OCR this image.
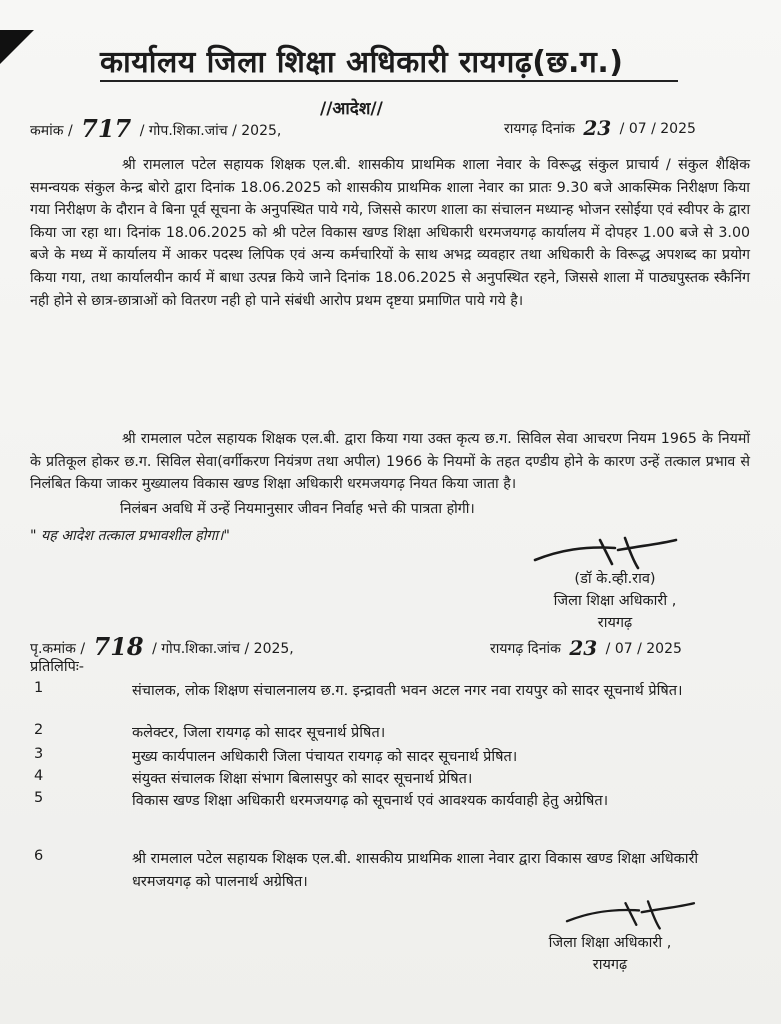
कार्यालय जिला शिक्षा अधिकारी रायगढ़(छ.ग.)
//आदेश//
कमांक / 717 / गोप.शिका.जांच / 2025,	रायगढ़ दिनांक 23 / 07 / 2025
श्री रामलाल पटेल सहायक शिक्षक एल.बी. शासकीय प्राथमिक शाला नेवार के विरूद्ध संकुल प्राचार्य / संकुल शैक्षिक समन्वयक संकुल केन्द्र बोरो द्वारा दिनांक 18.06.2025 को शासकीय प्राथमिक शाला नेवार का प्रातः 9.30 बजे आकस्मिक निरीक्षण किया गया निरीक्षण के दौरान वे बिना पूर्व सूचना के अनुपस्थित पाये गये, जिससे कारण शाला का संचालन मध्यान्ह भोजन रसोईया एवं स्वीपर के द्वारा किया जा रहा था। दिनांक 18.06.2025 को श्री पटेल विकास खण्ड शिक्षा अधिकारी धरमजयगढ़ कार्यालय में दोपहर 1.00 बजे से 3.00 बजे के मध्य में कार्यालय में आकर पदस्थ लिपिक एवं अन्य कर्मचारियों के साथ अभद्र व्यवहार तथा अधिकारी के विरूद्ध अपशब्द का प्रयोग किया गया, तथा कार्यालयीन कार्य में बाधा उत्पन्न किये जाने दिनांक 18.06.2025 से अनुपस्थित रहने, जिससे शाला में पाठ्यपुस्तक स्कैनिंग नही होने से छात्र-छात्राओं को वितरण नही हो पाने संबंधी आरोप प्रथम दृष्टया प्रमाणित पाये गये है।
श्री रामलाल पटेल सहायक शिक्षक एल.बी. द्वारा किया गया उक्त कृत्य छ.ग. सिविल सेवा आचरण नियम 1965 के नियमों के प्रतिकूल होकर छ.ग. सिविल सेवा(वर्गीकरण नियंत्रण तथा अपील) 1966 के नियमों के तहत दण्डीय होने के कारण उन्हें तत्काल प्रभाव से निलंबित किया जाकर मुख्यालय विकास खण्ड शिक्षा अधिकारी धरमजयगढ़ नियत किया जाता है।
निलंबन अवधि में उन्हें नियमानुसार जीवन निर्वाह भत्ते की पात्रता होगी।
" यह आदेश तत्काल प्रभावशील होगा।"
(डॉ के.व्ही.राव)
जिला शिक्षा अधिकारी ,
रायगढ़
पृ.कमांक / 718 / गोप.शिका.जांच / 2025,	रायगढ़ दिनांक 23 / 07 / 2025
प्रतिलिपिः-
1	संचालक, लोक शिक्षण संचालनालय छ.ग. इन्द्रावती भवन अटल नगर नवा रायपुर को सादर सूचनार्थ प्रेषित।
2	कलेक्टर, जिला रायगढ़ को सादर सूचनार्थ प्रेषित।
3	मुख्य कार्यपालन अधिकारी जिला पंचायत रायगढ़ को सादर सूचनार्थ प्रेषित।
4	संयुक्त संचालक शिक्षा संभाग बिलासपुर को सादर सूचनार्थ प्रेषित।
5	विकास खण्ड शिक्षा अधिकारी धरमजयगढ़ को सूचनार्थ एवं आवश्यक कार्यवाही हेतु अग्रेषित।
6	श्री रामलाल पटेल सहायक शिक्षक एल.बी. शासकीय प्राथमिक शाला नेवार द्वारा विकास खण्ड शिक्षा अधिकारी धरमजयगढ़ को पालनार्थ अग्रेषित।
जिला शिक्षा अधिकारी ,
रायगढ़
